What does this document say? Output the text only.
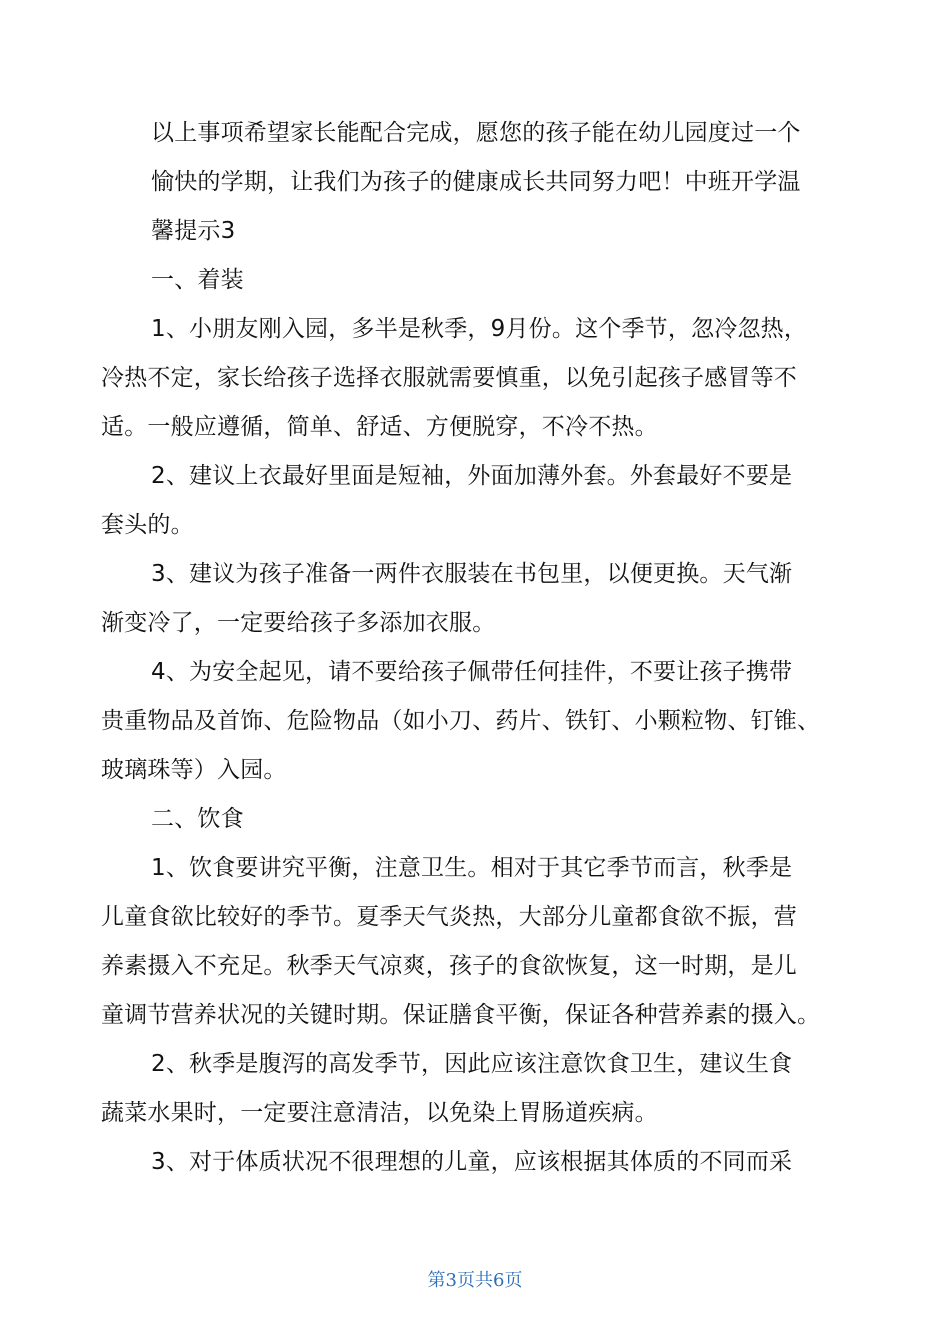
以上事项希望家长能配合完成，愿您的孩子能在幼儿园度过一个
愉快的学期，让我们为孩子的健康成长共同努力吧！中班开学温
馨提示3
一、着装
1、小朋友刚入园，多半是秋季，9月份。这个季节，忽冷忽热，
冷热不定，家长给孩子选择衣服就需要慎重，以免引起孩子感冒等不
适。一般应遵循，简单、舒适、方便脱穿，不冷不热。
2、建议上衣最好里面是短袖，外面加薄外套。外套最好不要是
套头的。
3、建议为孩子准备一两件衣服装在书包里，以便更换。天气渐
渐变冷了，一定要给孩子多添加衣服。
4、为安全起见，请不要给孩子佩带任何挂件，不要让孩子携带
贵重物品及首饰、危险物品（如小刀、药片、铁钉、小颗粒物、钉锥、
玻璃珠等）入园。
二、饮食
1、饮食要讲究平衡，注意卫生。相对于其它季节而言，秋季是
儿童食欲比较好的季节。夏季天气炎热，大部分儿童都食欲不振，营
养素摄入不充足。秋季天气凉爽，孩子的食欲恢复，这一时期，是儿
童调节营养状况的关键时期。保证膳食平衡，保证各种营养素的摄入。
2、秋季是腹泻的高发季节，因此应该注意饮食卫生，建议生食
蔬菜水果时，一定要注意清洁，以免染上胃肠道疾病。
3、对于体质状况不很理想的儿童，应该根据其体质的不同而采
第3页共6页
